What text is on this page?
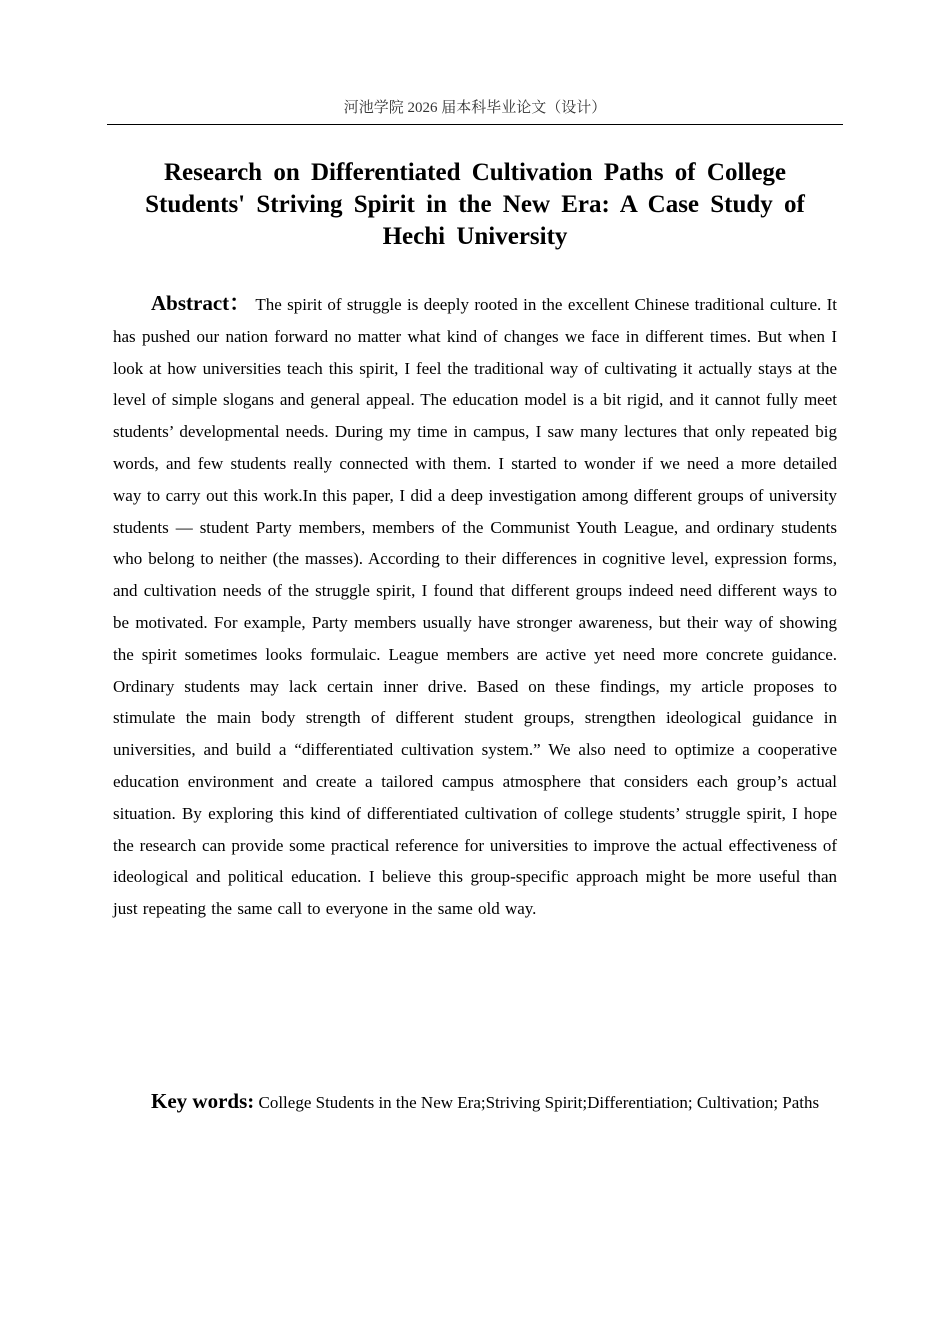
河池学院 2026 届本科毕业论文（设计）
Research on Differentiated Cultivation Paths of College Students' Striving Spirit in the New Era: A Case Study of Hechi University

Abstract： The spirit of struggle is deeply rooted in the excellent Chinese traditional culture. It has pushed our nation forward no matter what kind of changes we face in different times. But when I look at how universities teach this spirit, I feel the traditional way of cultivating it actually stays at the level of simple slogans and general appeal. The education model is a bit rigid, and it cannot fully meet students’ developmental needs. During my time in campus, I saw many lectures that only repeated big words, and few students really connected with them. I started to wonder if we need a more detailed way to carry out this work.In this paper, I did a deep investigation among different groups of university students — student Party members, members of the Communist Youth League, and ordinary students who belong to neither (the masses). According to their differences in cognitive level, expression forms, and cultivation needs of the struggle spirit, I found that different groups indeed need different ways to be motivated. For example, Party members usually have stronger awareness, but their way of showing the spirit sometimes looks formulaic. League members are active yet need more concrete guidance. Ordinary students may lack certain inner drive. Based on these findings, my article proposes to stimulate the main body strength of different student groups, strengthen ideological guidance in universities, and build a “differentiated cultivation system.” We also need to optimize a cooperative education environment and create a tailored campus atmosphere that considers each group’s actual situation. By exploring this kind of differentiated cultivation of college students’ struggle spirit, I hope the research can provide some practical reference for universities to improve the actual effectiveness of ideological and political education. I believe this group-specific approach might be more useful than just repeating the same call to everyone in the same old way.

Key words: College Students in the New Era;Striving Spirit;Differentiation; Cultivation; Paths
